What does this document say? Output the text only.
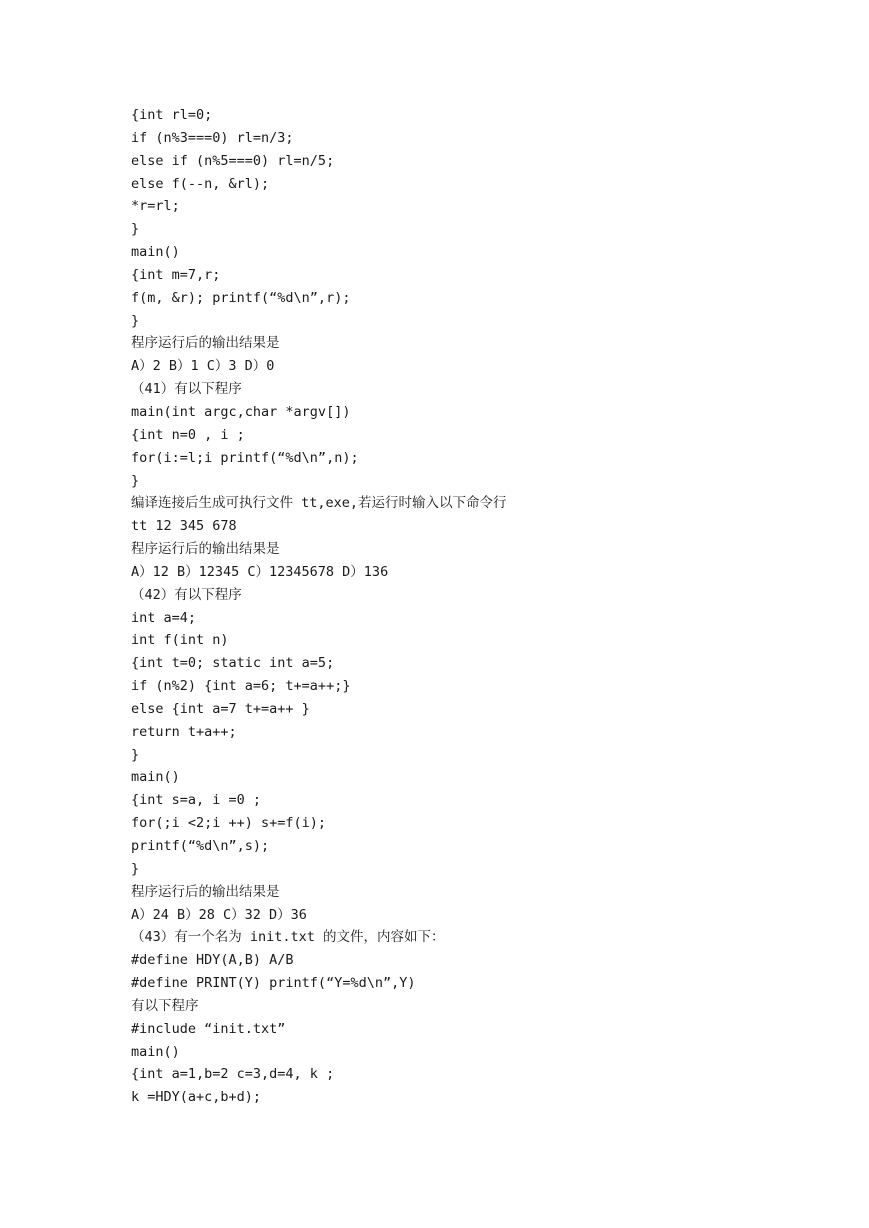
{int rl=0;
if (n%3===0) rl=n/3;
else if (n%5===0) rl=n/5;
else f(--n, &rl);
*r=rl;
}
main()
{int m=7,r;
f(m, &r); printf(“%d\n”,r);
}
程序运行后的输出结果是
A）2 B）1 C）3 D）0
（41）有以下程序
main(int argc,char *argv[])
{int n=0 , i ;
for(i:=l;i printf(“%d\n”,n);
}
编译连接后生成可执行文件 tt,exe,若运行时输入以下命令行
tt 12 345 678
程序运行后的输出结果是
A）12 B）12345 C）12345678 D）136
（42）有以下程序
int a=4;
int f(int n)
{int t=0; static int a=5;
if (n%2) {int a=6; t+=a++;}
else {int a=7 t+=a++ }
return t+a++;
}
main()
{int s=a, i =0 ;
for(;i <2;i ++) s+=f(i);
printf(“%d\n”,s);
}
程序运行后的输出结果是
A）24 B）28 C）32 D）36
（43）有一个名为 init.txt 的文件，内容如下：
#define HDY(A,B) A/B
#define PRINT(Y) printf(“Y=%d\n”,Y)
有以下程序
#include “init.txt”
main()
{int a=1,b=2 c=3,d=4, k ;
k =HDY(a+c,b+d);
